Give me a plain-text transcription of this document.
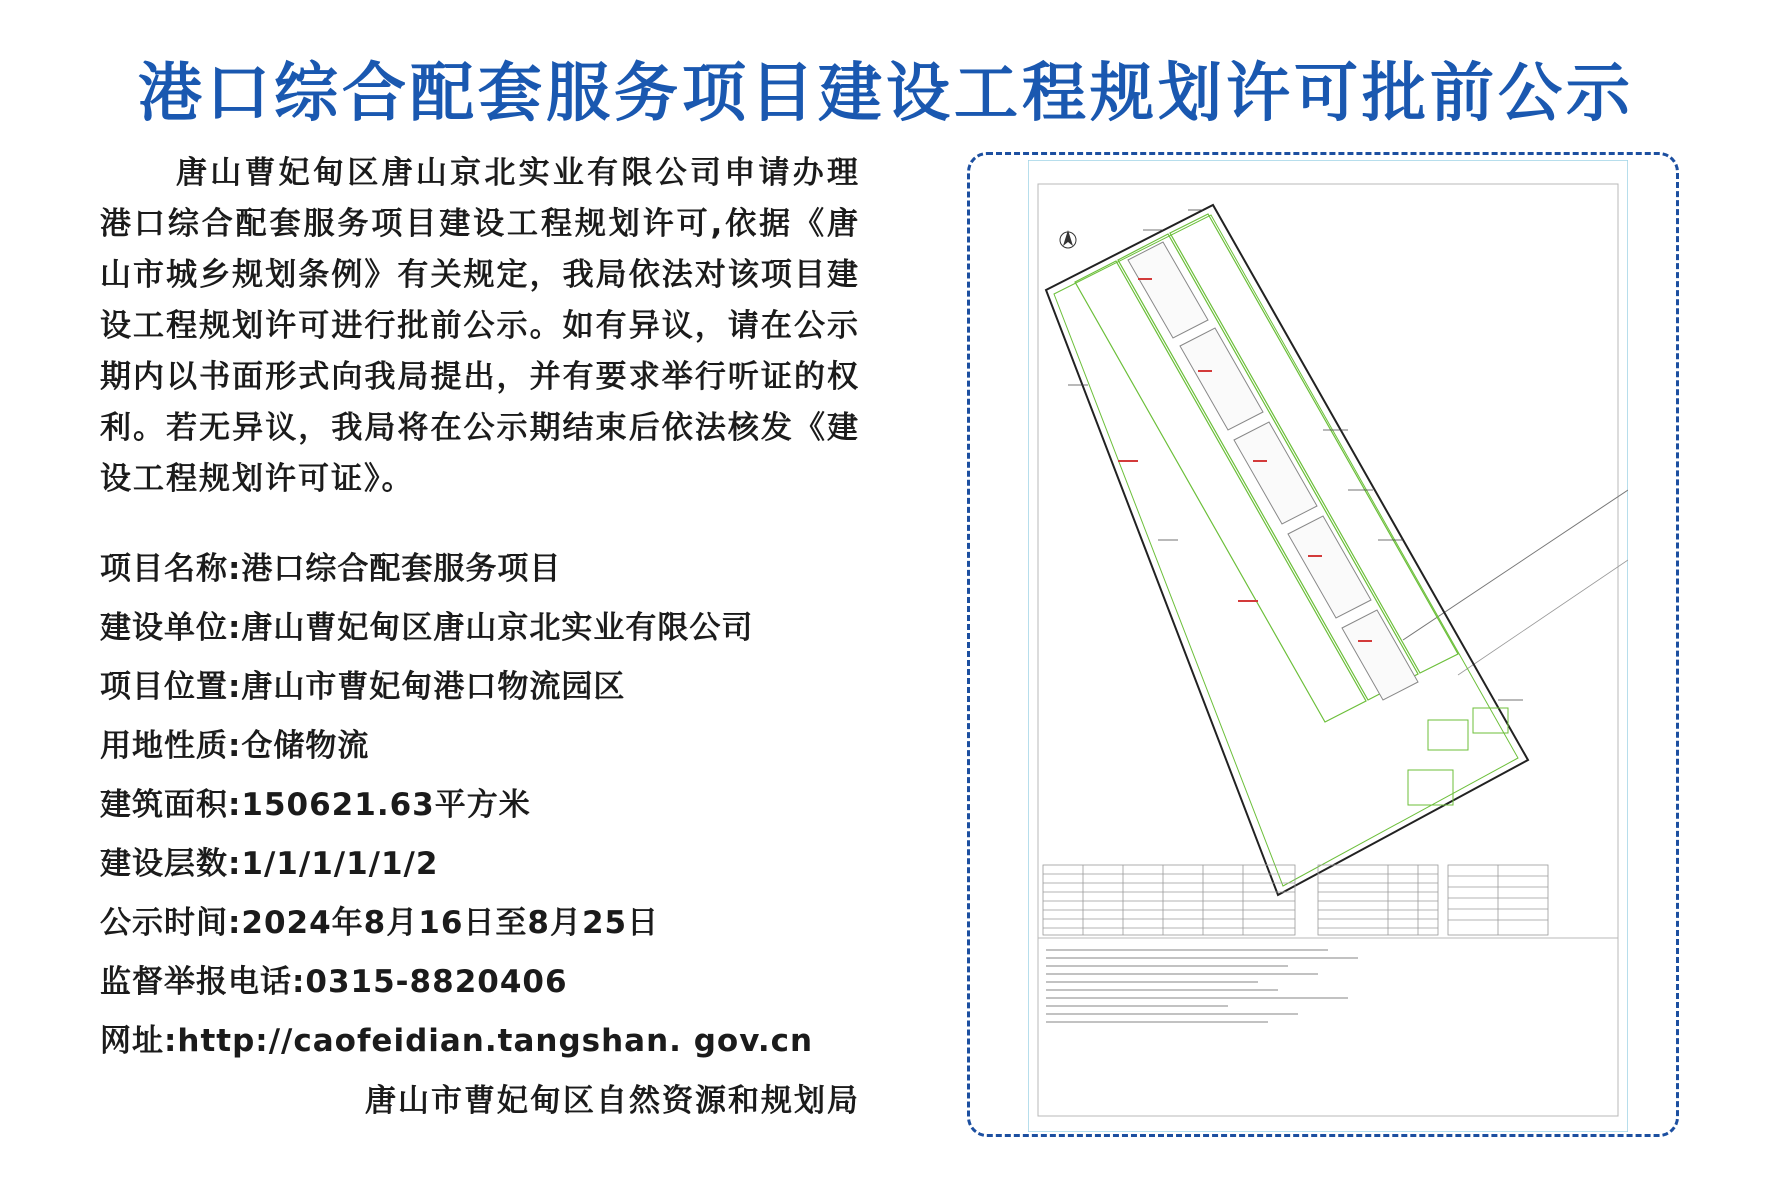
港口综合配套服务项目建设工程规划许可批前公示

唐山曹妃甸区唐山京北实业有限公司申请办理港口综合配套服务项目建设工程规划许可,依据《唐山市城乡规划条例》有关规定，我局依法对该项目建设工程规划许可进行批前公示。如有异议，请在公示期内以书面形式向我局提出，并有要求举行听证的权利。若无异议，我局将在公示期结束后依法核发《建设工程规划许可证》。

项目名称:港口综合配套服务项目
建设单位:唐山曹妃甸区唐山京北实业有限公司
项目位置:唐山市曹妃甸港口物流园区
用地性质:仓储物流
建筑面积:150621.63平方米
建设层数:1/1/1/1/1/2
公示时间:2024年8月16日至8月25日
监督举报电话:0315-8820406
网址:http://caofeidian.tangshan. gov.cn
唐山市曹妃甸区自然资源和规划局
